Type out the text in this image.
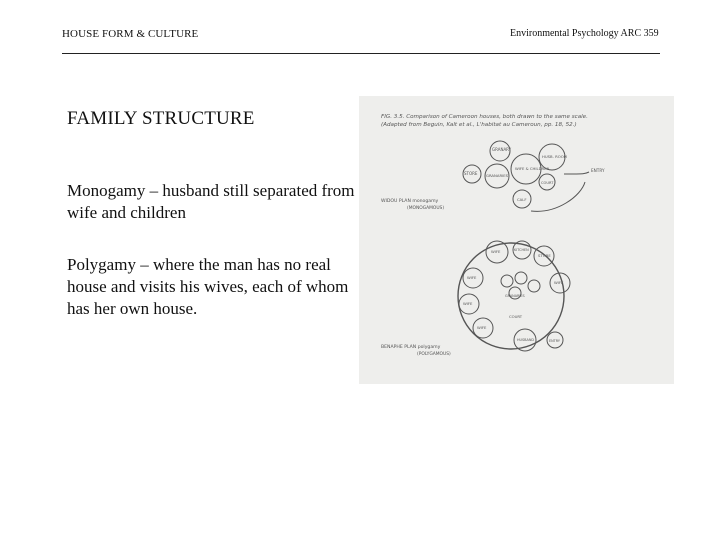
HOUSE FORM & CULTURE	Environmental Psychology ARC 359
FAMILY STRUCTURE
Monogamy – husband still separated from wife and children
Polygamy – where the man has no real house and visits his wives, each of whom has her own house.
FIG. 3.5. Comparison of Cameroon houses, both drawn to the same scale.
(Adapted from Beguin, Kalt et al., L'habitat au Cameroun, pp. 18, 52.)
GRANARY
STORE GRANARIES
WIFE & CHILDREN
HUSB. ROOM
COURT
CALF
ENTRY
WIDOU PLAN monogamy
(MONOGAMOUS)
WIFE	KITCHEN
STORE
WIFE
WIFE
GRANARIES
WIFE
COURT
WIFE
HUSBAND	ENTRY
BENAPHE PLAN polygamy
(POLYGAMOUS)
